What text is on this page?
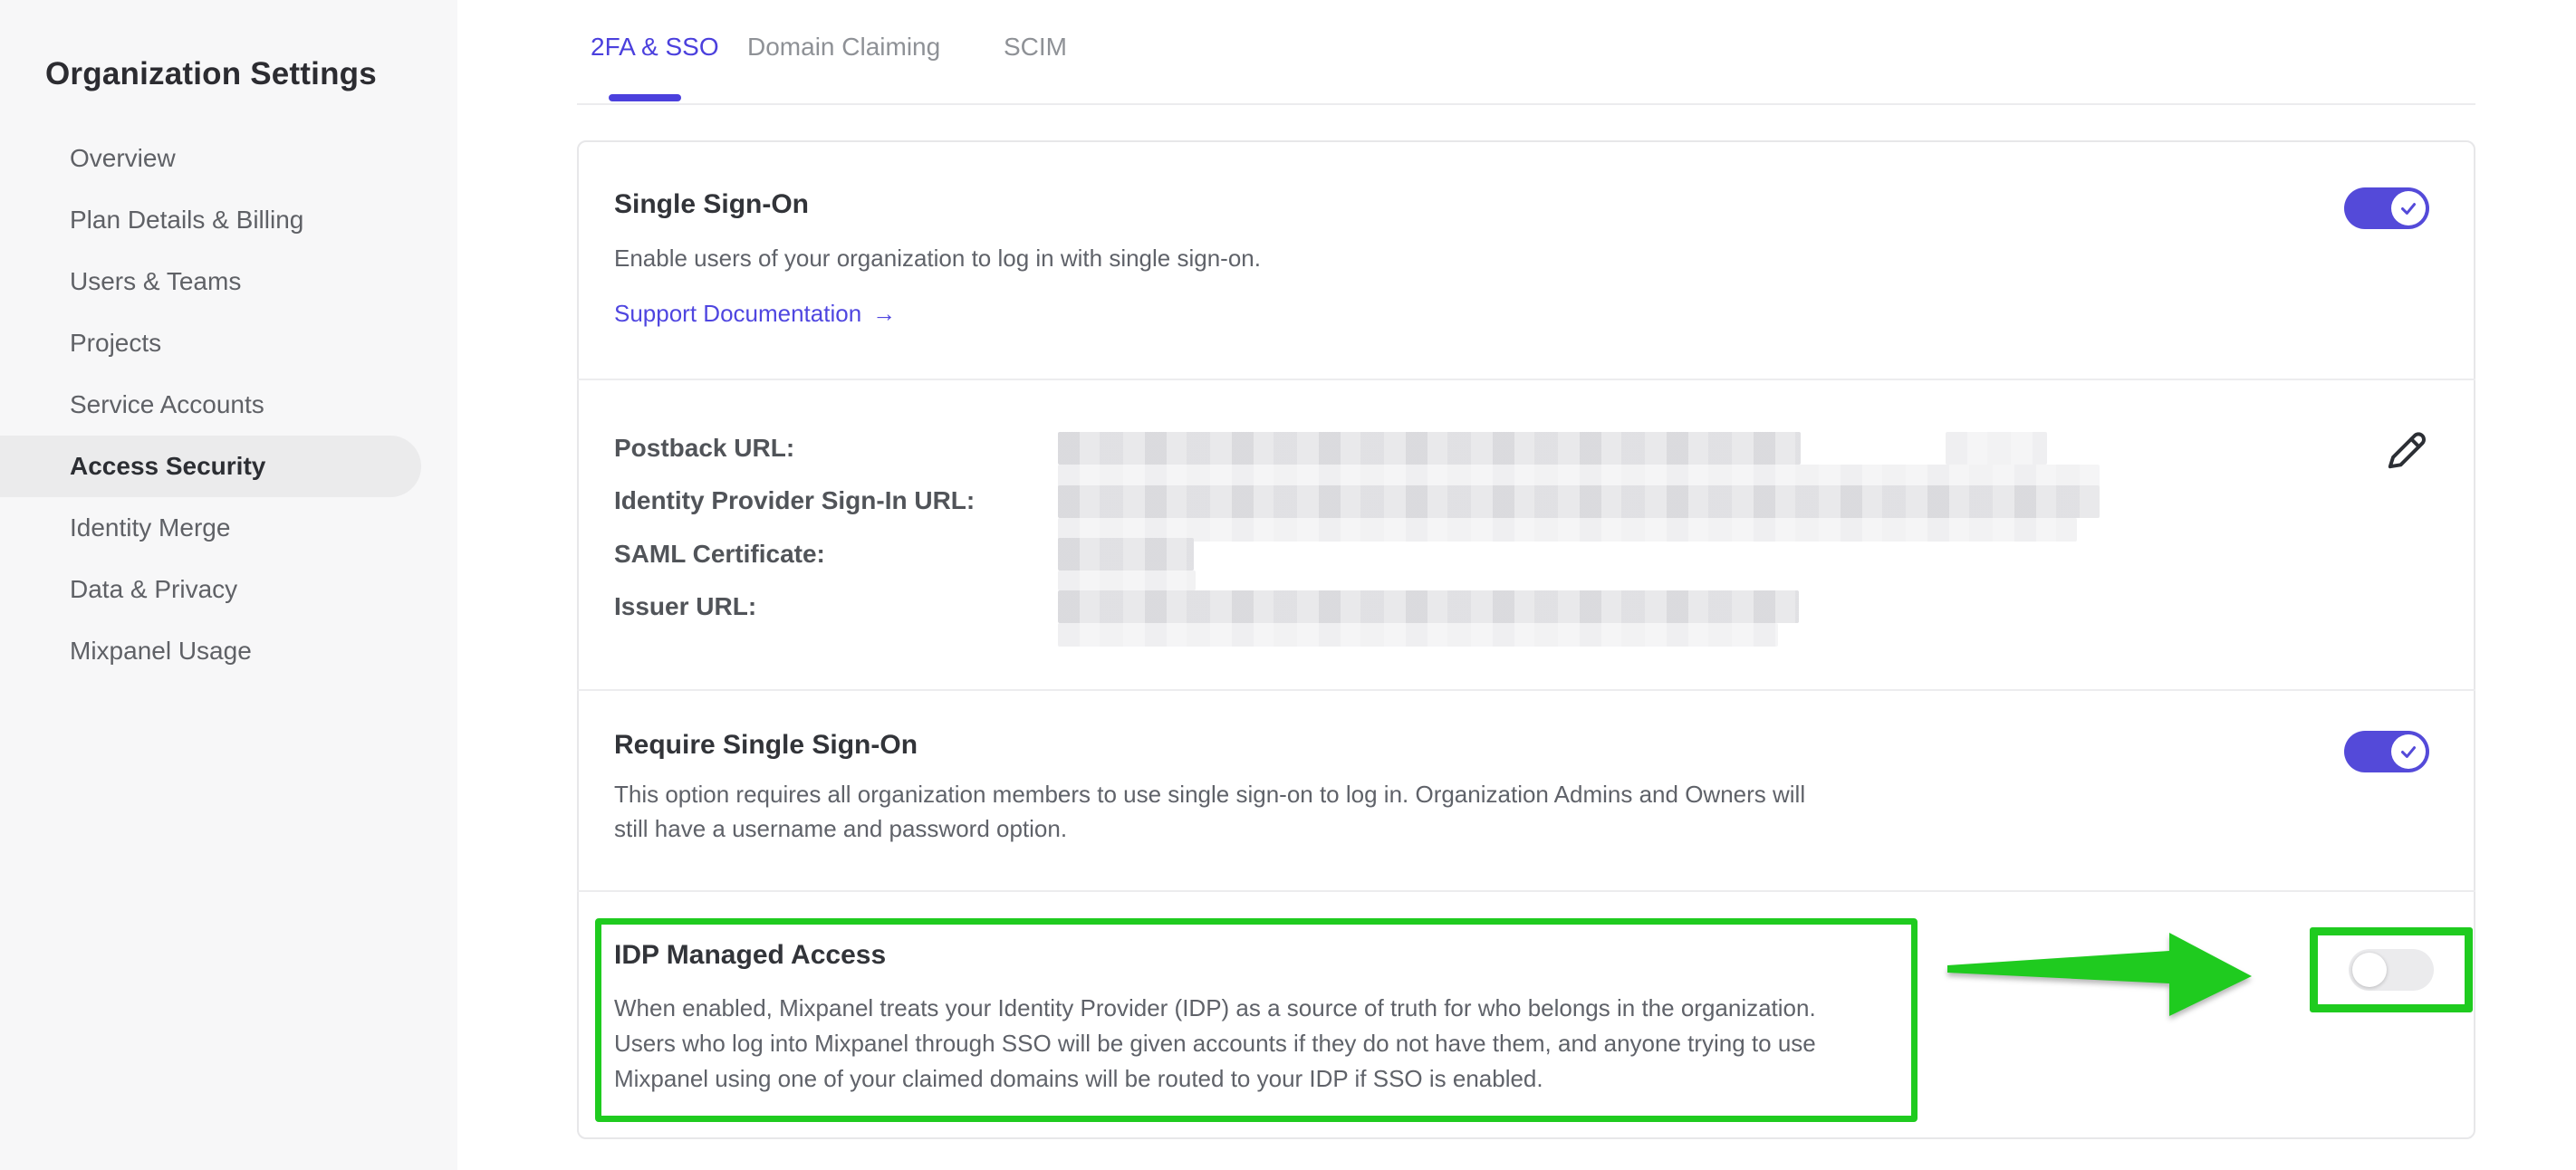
Organization Settings
Overview
Plan Details & Billing
Users & Teams
Projects
Service Accounts
Access Security
Identity Merge
Data & Privacy
Mixpanel Usage
2FA & SSO Domain Claiming SCIM
Single Sign-On
Enable users of your organization to log in with single sign-on.
Support Documentation →
Postback URL:
Identity Provider Sign-In URL:
SAML Certificate:
Issuer URL:
Require Single Sign-On
This option requires all organization members to use single sign-on to log in. Organization Admins and Owners will
still have a username and password option.
IDP Managed Access
When enabled, Mixpanel treats your Identity Provider (IDP) as a source of truth for who belongs in the organization.
Users who log into Mixpanel through SSO will be given accounts if they do not have them, and anyone trying to use
Mixpanel using one of your claimed domains will be routed to your IDP if SSO is enabled.
